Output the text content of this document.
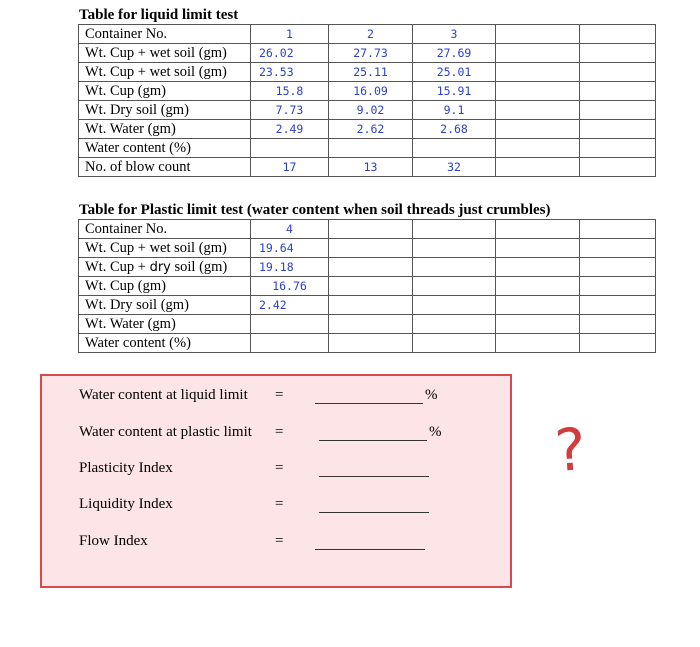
Table for liquid limit test
Container No.	1	2	3		
Wt. Cup + wet soil (gm)	26.02	27.73	27.69		
Wt. Cup + wet soil (gm)	23.53	25.11	25.01		
Wt. Cup (gm)	15.8	16.09	15.91		
Wt. Dry soil (gm)	7.73	9.02	9.1		
Wt. Water (gm)	2.49	2.62	2.68		
Water content (%)					
No. of blow count	17	13	32		
Table for Plastic limit test (water content when soil threads just crumbles)
Container No.	4				
Wt. Cup + wet soil (gm)	19.64				
Wt. Cup + dry soil (gm)	19.18				
Wt. Cup (gm)	16.76				
Wt. Dry soil (gm)	2.42				
Wt. Water (gm)					
Water content (%)					
Water content at liquid limit =	%
Water content at plastic limit =	%
Plasticity Index	=
Liquidity Index	=
Flow Index	=
?
